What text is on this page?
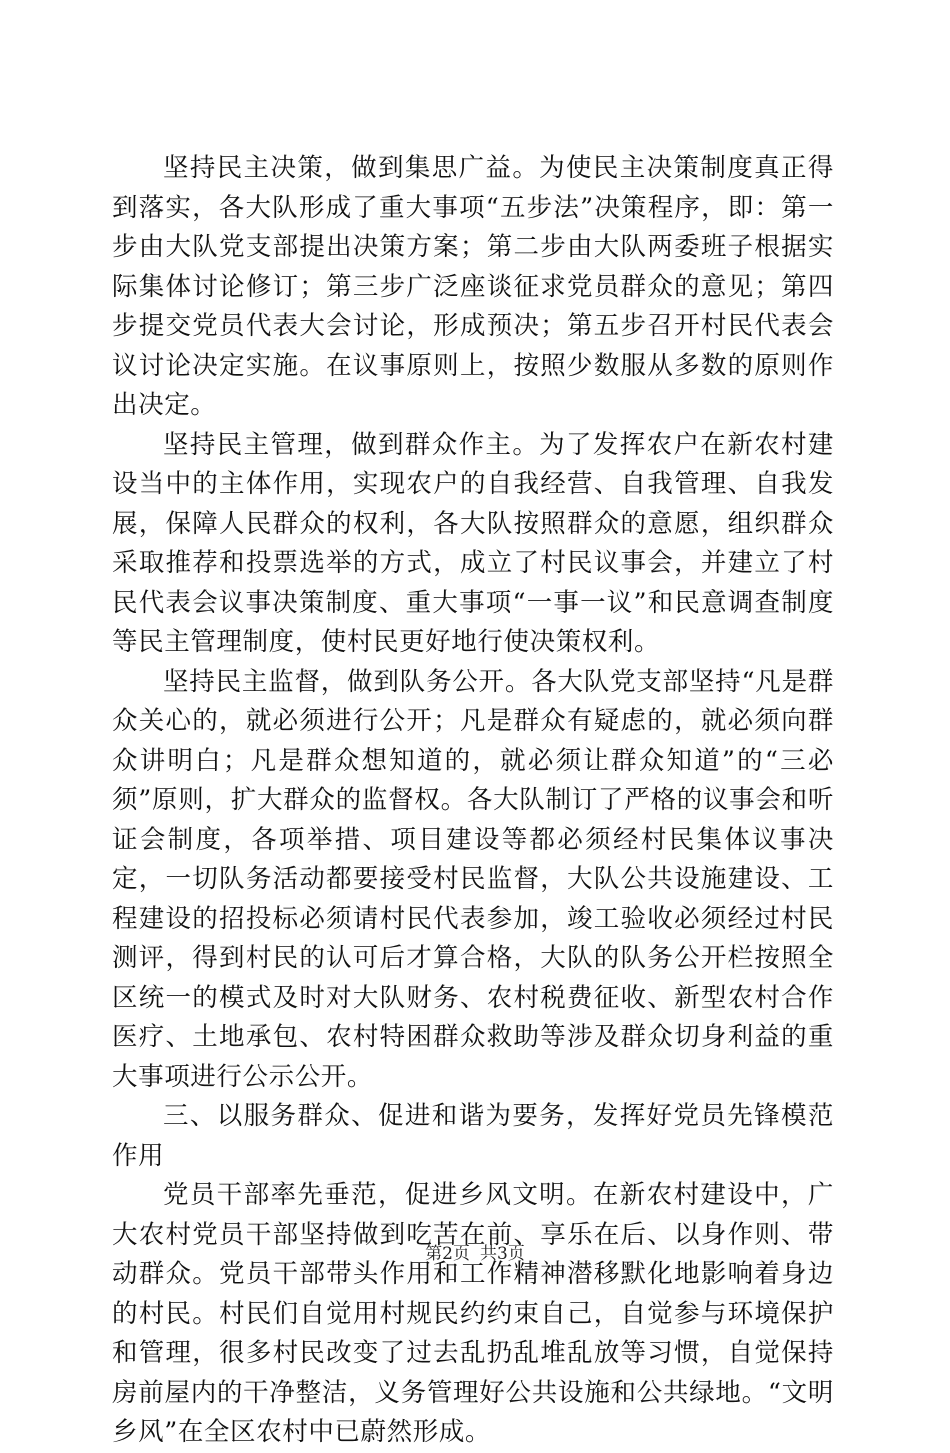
坚持民主决策，做到集思广益。为使民主决策制度真正得到落实，各大队形成了重大事项“五步法”决策程序，即：第一步由大队党支部提出决策方案；第二步由大队两委班子根据实际集体讨论修订；第三步广泛座谈征求党员群众的意见；第四步提交党员代表大会讨论，形成预决；第五步召开村民代表会议讨论决定实施。在议事原则上，按照少数服从多数的原则作出决定。

坚持民主管理，做到群众作主。为了发挥农户在新农村建设当中的主体作用，实现农户的自我经营、自我管理、自我发展，保障人民群众的权利，各大队按照群众的意愿，组织群众采取推荐和投票选举的方式，成立了村民议事会，并建立了村民代表会议事决策制度、重大事项“一事一议”和民意调查制度等民主管理制度，使村民更好地行使决策权利。

坚持民主监督，做到队务公开。各大队党支部坚持“凡是群众关心的，就必须进行公开；凡是群众有疑虑的，就必须向群众讲明白；凡是群众想知道的，就必须让群众知道”的“三必须”原则，扩大群众的监督权。各大队制订了严格的议事会和听证会制度，各项举措、项目建设等都必须经村民集体议事决定，一切队务活动都要接受村民监督，大队公共设施建设、工程建设的招投标必须请村民代表参加，竣工验收必须经过村民测评，得到村民的认可后才算合格，大队的队务公开栏按照全区统一的模式及时对大队财务、农村税费征收、新型农村合作医疗、土地承包、农村特困群众救助等涉及群众切身利益的重大事项进行公示公开。

三、以服务群众、促进和谐为要务，发挥好党员先锋模范作用

党员干部率先垂范，促进乡风文明。在新农村建设中，广大农村党员干部坚持做到吃苦在前、享乐在后、以身作则、带动群众。党员干部带头作用和工作精神潜移默化地影响着身边的村民。村民们自觉用村规民约约束自己，自觉参与环境保护和管理，很多村民改变了过去乱扔乱堆乱放等习惯，自觉保持房前屋内的干净整洁，义务管理好公共设施和公共绿地。“文明乡风”在全区农村中已蔚然形成。

第2页 共3页
